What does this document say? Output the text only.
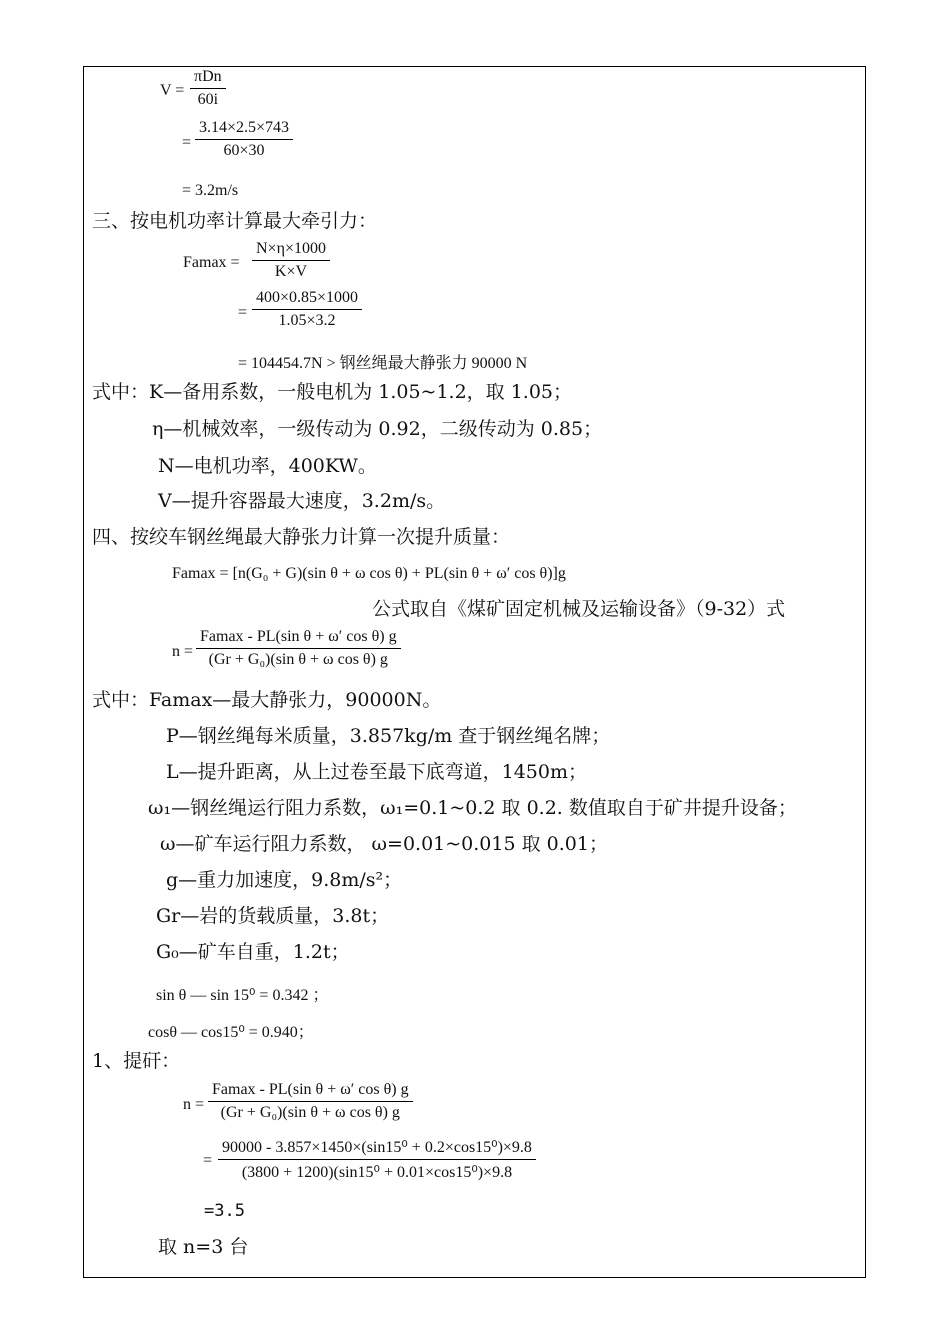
V =
πDn
60i
= $\frac{3.14\times 2.5\times 743}{60\times 30}$
= 3.2m/s
三、按电机功率计算最大牵引力：
$Famax = \frac{N\times\eta\times 1000}{K\times V}$
= $\frac{400\times 0.85\times 1000}{1.05\times 3.2}$
= 104454.7N > 钢丝绳最大静张力 90000 N
式中：K—备用系数，一般电机为 1.05~1.2，取 1.05；
η—机械效率，一级传动为 0.92，二级传动为 0.85；
N—电机功率，400KW。
V—提升容器最大速度，3.2m/s。
四、按绞车钢丝绳最大静张力计算一次提升质量：
Famax = [n(G₀ + G)(sin θ + ω cos θ) + PL(sin θ + ω′ cos θ)]g
公式取自《煤矿固定机械及运输设备》（9-32）式
n =
Famax - PL(sin θ + ω′ cos θ) g
(Gr + G₀)(sin θ + ω cos θ) g
式中：Famax—最大静张力，90000N。
P—钢丝绳每米质量，3.857kg/m 查于钢丝绳名牌；
L—提升距离，从上过卷至最下底弯道，1450m；
ω₁—钢丝绳运行阻力系数，ω₁=0.1~0.2 取 0.2. 数值取自于矿井提升设备；
ω—矿车运行阻力系数， ω=0.01~0.015 取 0.01；
g—重力加速度，9.8m/s²；
Gr—岩的货载质量，3.8t；
G₀—矿车自重，1.2t；
sin θ — sin 15⁰ = 0.342 ；
cosθ — cos15⁰ = 0.940；
1、提矸：
n =
Famax - PL(sin θ + ω′ cos θ) g
(Gr + G₀)(sin θ + ω cos θ) g
= $\frac{\text{90000 - 3.857×1450×(sin15⁰ + 0.2×cos15⁰)×9.8}}{\text{(3800 + 1200)(sin15⁰ + 0.01×cos15⁰)×9.8}}$
=3.5
取 n=3 台
